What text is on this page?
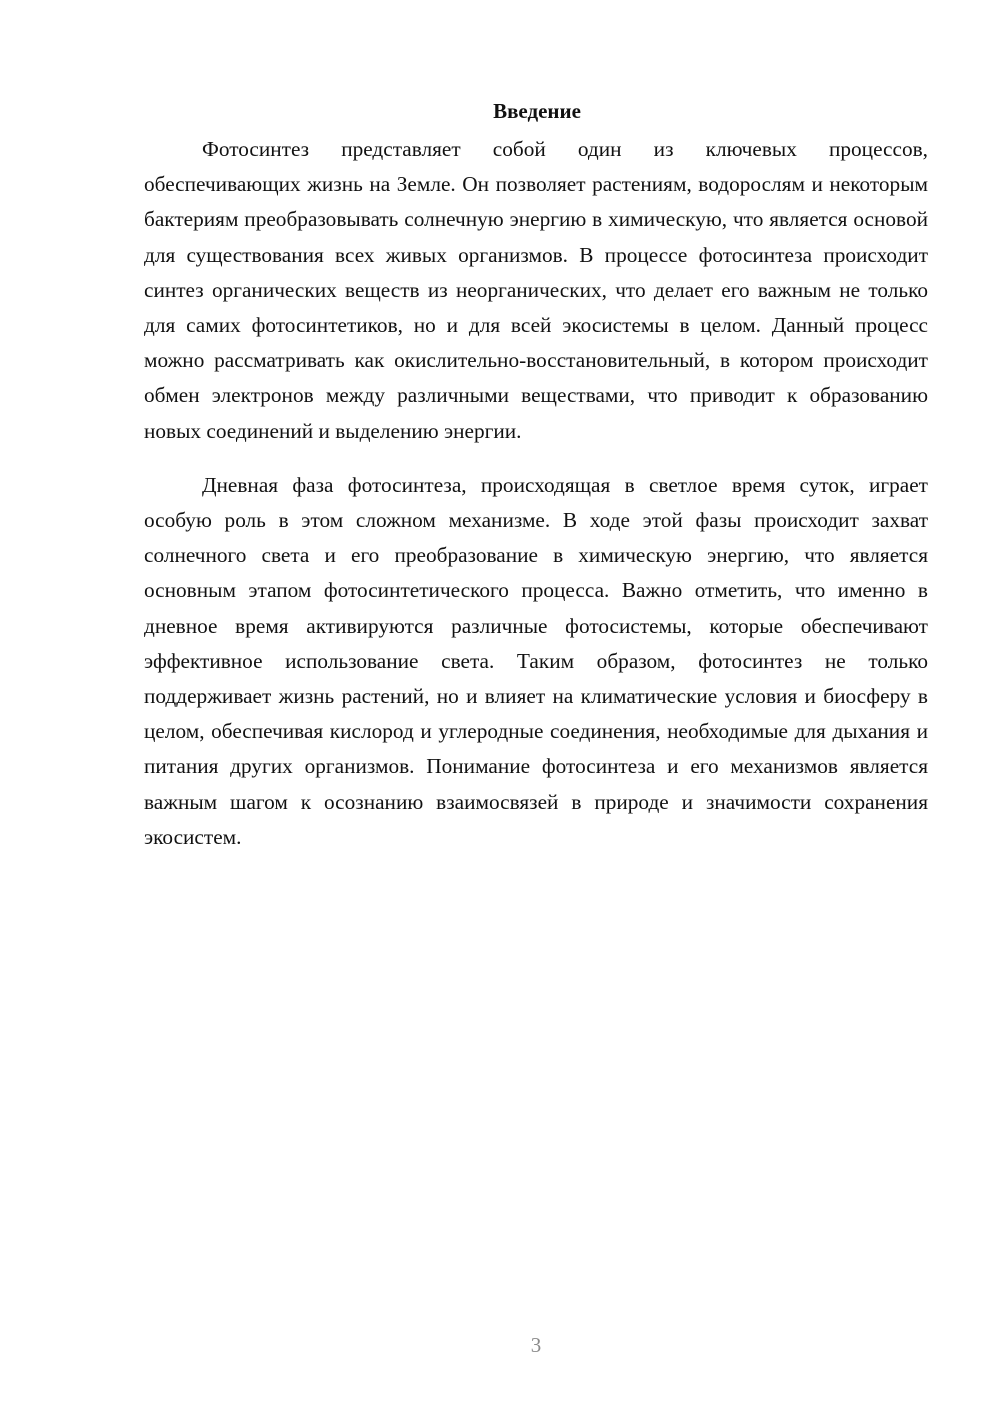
Введение

Фотосинтез представляет собой один из ключевых процессов, обеспечивающих жизнь на Земле. Он позволяет растениям, водорослям и некоторым бактериям преобразовывать солнечную энергию в химическую, что является основой для существования всех живых организмов. В процессе фотосинтеза происходит синтез органических веществ из неорганических, что делает его важным не только для самих фотосинтетиков, но и для всей экосистемы в целом. Данный процесс можно рассматривать как окислительно-восстановительный, в котором происходит обмен электронов между различными веществами, что приводит к образованию новых соединений и выделению энергии.

Дневная фаза фотосинтеза, происходящая в светлое время суток, играет особую роль в этом сложном механизме. В ходе этой фазы происходит захват солнечного света и его преобразование в химическую энергию, что является основным этапом фотосинтетического процесса. Важно отметить, что именно в дневное время активируются различные фотосистемы, которые обеспечивают эффективное использование света. Таким образом, фотосинтез не только поддерживает жизнь растений, но и влияет на климатические условия и биосферу в целом, обеспечивая кислород и углеродные соединения, необходимые для дыхания и питания других организмов. Понимание фотосинтеза и его механизмов является важным шагом к осознанию взаимосвязей в природе и значимости сохранения экосистем.

3
